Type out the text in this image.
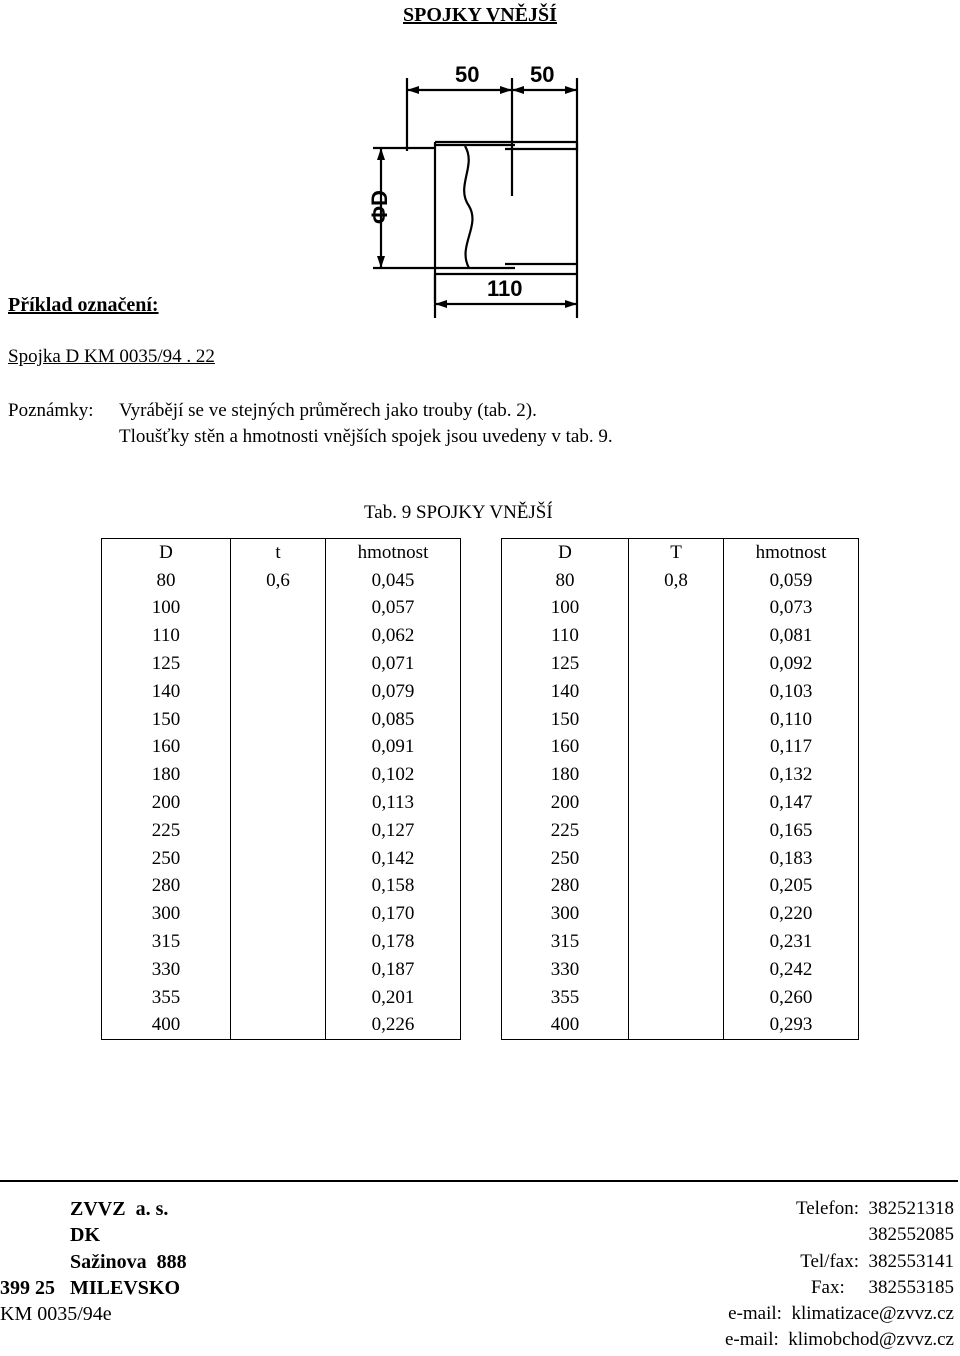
SPOJKY VNĚJŠÍ
50 50
ΦD
110
Příklad označení:
Spojka D KM 0035/94 . 22
Poznámky: Vyrábějí se ve stejných průměrech jako trouby (tab. 2).
Tloušťky stěn a hmotnosti vnějších spojek jsou uvedeny v tab. 9.
Tab. 9 SPOJKY VNĚJŠÍ
D	t	hmotnost
80	0,6	0,045
100		0,057
110		0,062
125		0,071
140		0,079
150		0,085
160		0,091
180		0,102
200		0,113
225		0,127
250		0,142
280		0,158
300		0,170
315		0,178
330		0,187
355		0,201
400		0,226
D	T	hmotnost
80	0,8	0,059
100		0,073
110		0,081
125		0,092
140		0,103
150		0,110
160		0,117
180		0,132
200		0,147
225		0,165
250		0,183
280		0,205
300		0,220
315		0,231
330		0,242
355		0,260
400		0,293
ZVVZ  a. s.
DK
Sažinova  888
399 25   MILEVSKO
KM 0035/94e
Telefon:  382521318
382552085
Tel/fax:  382553141
Fax:     382553185
e-mail:  klimatizace@zvvz.cz
e-mail:  klimobchod@zvvz.cz
